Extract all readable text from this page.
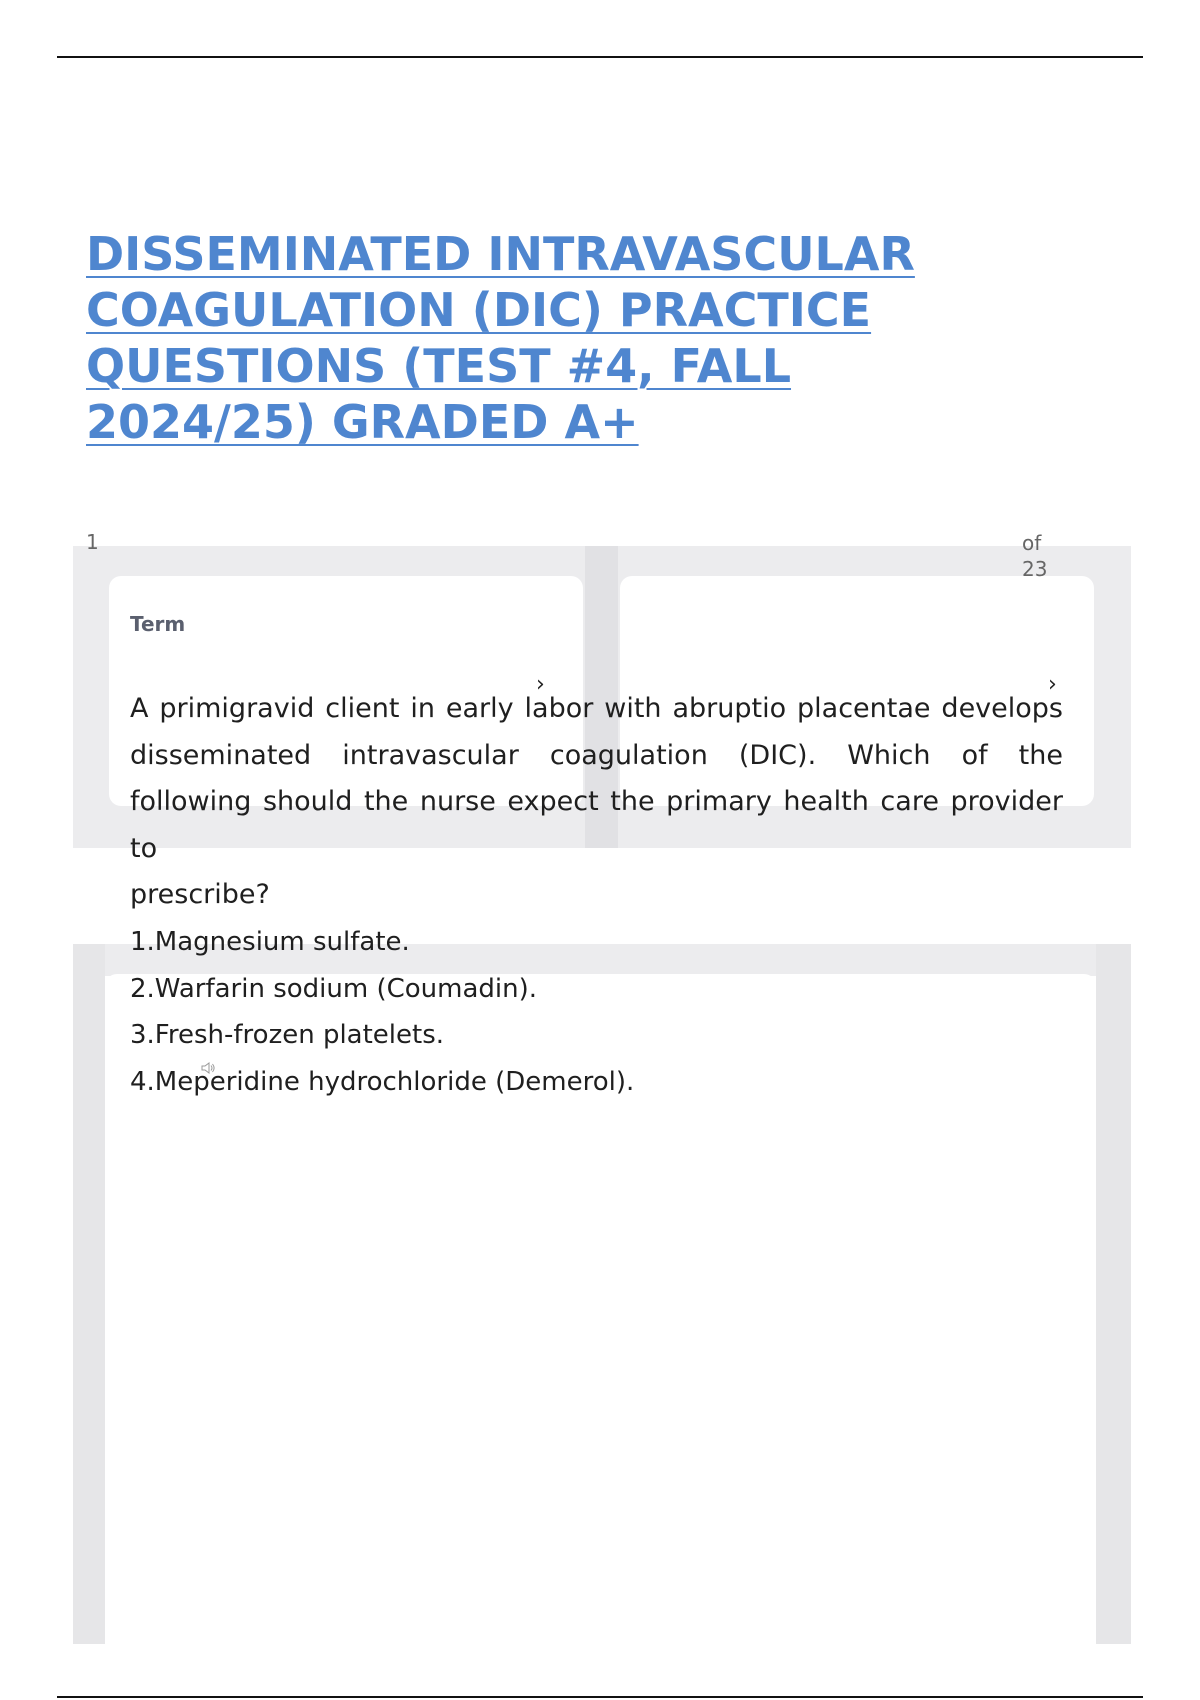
DISSEMINATED INTRAVASCULAR
COAGULATION (DIC) PRACTICE
QUESTIONS (TEST #4, FALL
2024/25) GRADED A+
1	of
23
Term
›	›
A primigravid client in early labor with abruptio placentae develops
disseminated intravascular coagulation (DIC). Which of the
following should the nurse expect the primary health care provider
to
prescribe?
1.Magnesium sulfate.
2.Warfarin sodium (Coumadin).
3.Fresh-frozen platelets.
4.Meperidine hydrochloride (Demerol).
